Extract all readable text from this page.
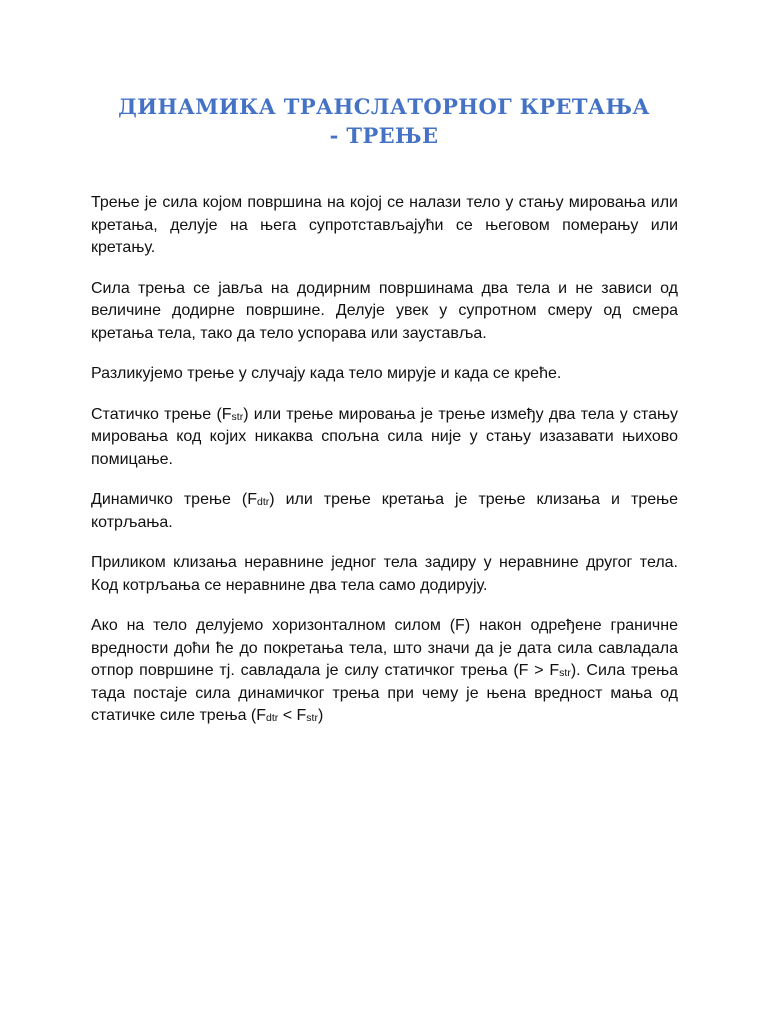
ДИНАМИКА ТРАНСЛАТОРНОГ КРЕТАЊА
- ТРЕЊЕ

Трење је сила којом површина на којој се налази тело у стању мировања или кретања, делује на њега супротстављајући се његовом померању или кретању.

Сила трења се јавља на додирним површинама два тела и не зависи од величине додирне површине. Делује увек у супротном смеру од смера кретања тела, тако да тело успорава или зауставља.

Разликујемо трење у случају када тело мирује и када се креће.

Статичко трење $(F_{str})$ или трење мировања је трење између два тела у стању мировања код којих никаква спољна сила није у стању изазавати њихово помицање.

Динамичко трење $(F_{dtr})$ или трење кретања је трење клизања и трење котрљања.

Приликом клизања неравнине једног тела задиру у неравнине другог тела. Код котрљања се неравнине два тела само додирују.

Ако на тело делујемо хоризонталном силом (F) након одређене граничне вредности доћи ће до покретања тела, што значи да је дата сила савладала отпор површине тј. савладала је силу статичког трења $(F > F_{str})$. Сила трења тада постаје сила динамичког трења при чему је њена вредност мања од статичке силе трења $(F_{dtr} < F_{str})$
